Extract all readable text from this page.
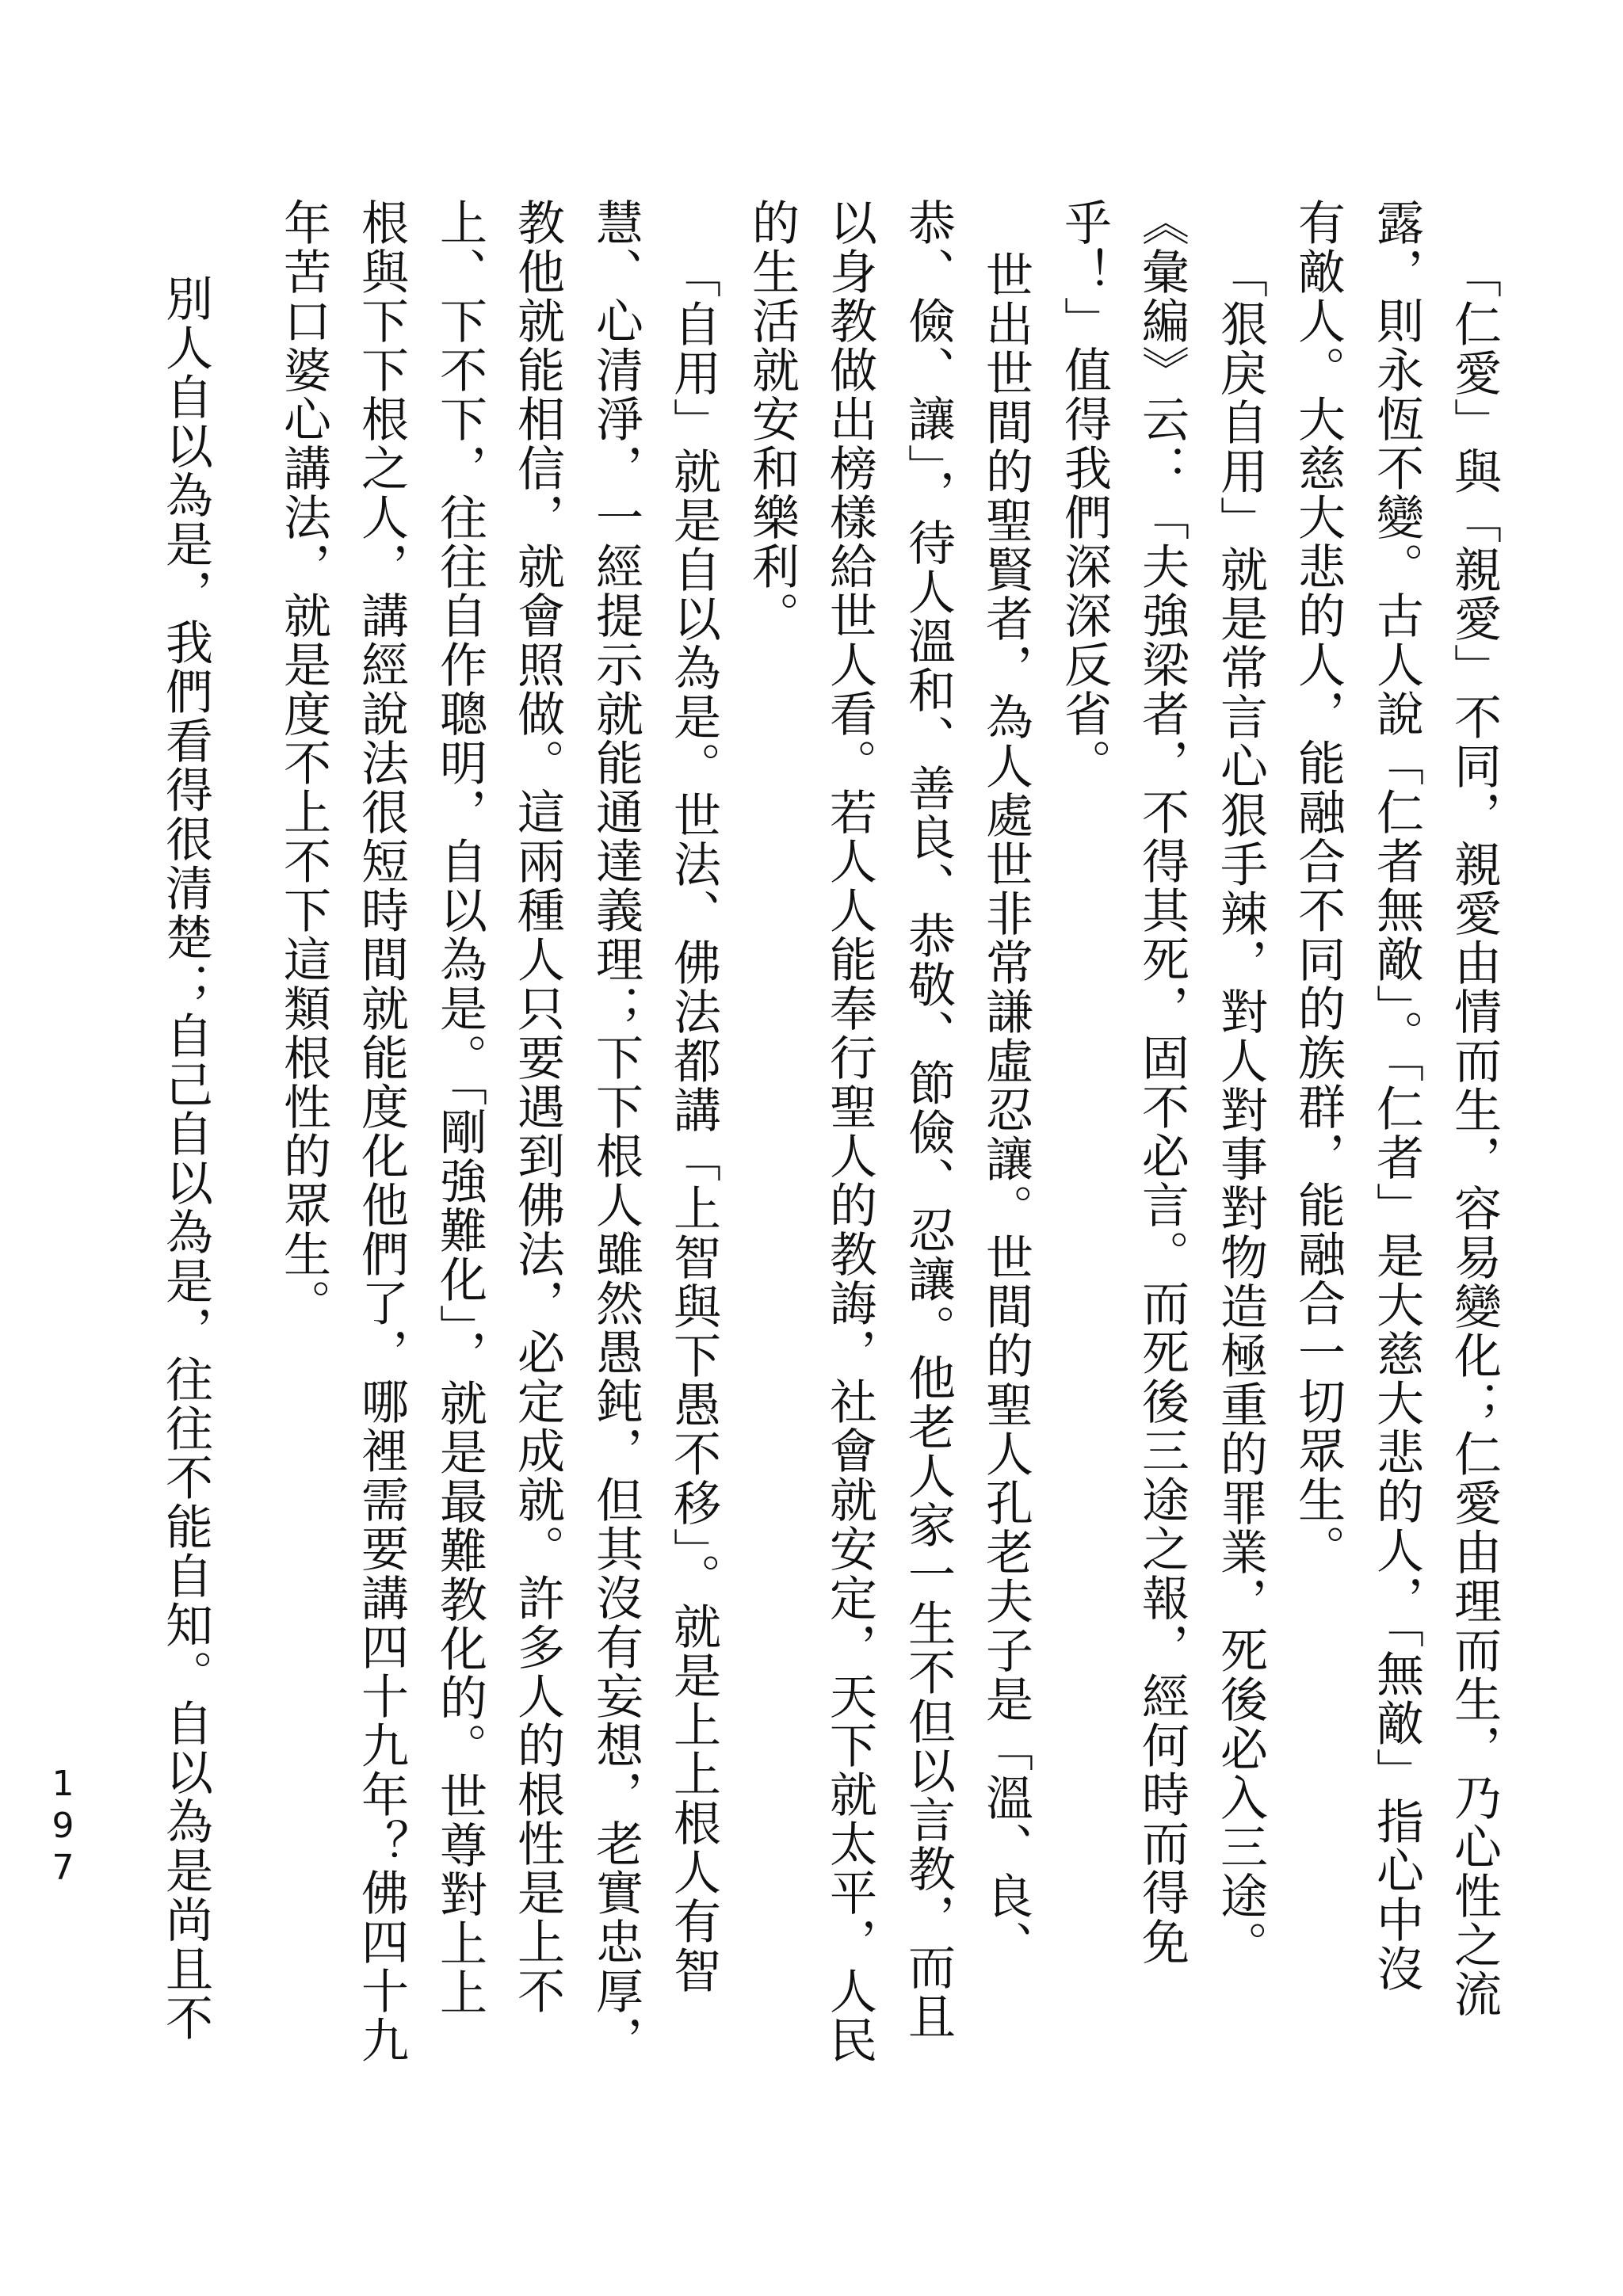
「仁愛」與「親愛」不同，親愛由情而生，容易變化；仁愛由理而生，乃心性之流
露，則永恆不變。古人說「仁者無敵」。「仁者」是大慈大悲的人，「無敵」指心中沒
有敵人。大慈大悲的人，能融合不同的族群，能融合一切眾生。
「狠戾自用」就是常言心狠手辣，對人對事對物造極重的罪業，死後必入三途。
《彙編》云：「夫強梁者，不得其死，固不必言。而死後三途之報，經何時而得免
乎！」值得我們深深反省。
世出世間的聖賢者，為人處世非常謙虛忍讓。世間的聖人孔老夫子是「溫、良、
恭、儉、讓」，待人溫和、善良、恭敬、節儉、忍讓。他老人家一生不但以言教，而且
以身教做出榜樣給世人看。若人人能奉行聖人的教誨，社會就安定，天下就太平，人民
的生活就安和樂利。
「自用」就是自以為是。世法、佛法都講「上智與下愚不移」。就是上上根人有智
慧、心清淨，一經提示就能通達義理；下下根人雖然愚鈍，但其沒有妄想，老實忠厚，
教他就能相信，就會照做。這兩種人只要遇到佛法，必定成就。許多人的根性是上不
上、下不下，往往自作聰明，自以為是。「剛強難化」，就是最難教化的。世尊對上上
根與下下根之人，講經說法很短時間就能度化他們了，哪裡需要講四十九年？佛四十九
年苦口婆心講法，就是度不上不下這類根性的眾生。
別人自以為是，我們看得很清楚；自己自以為是，往往不能自知。自以為是尚且不
197
